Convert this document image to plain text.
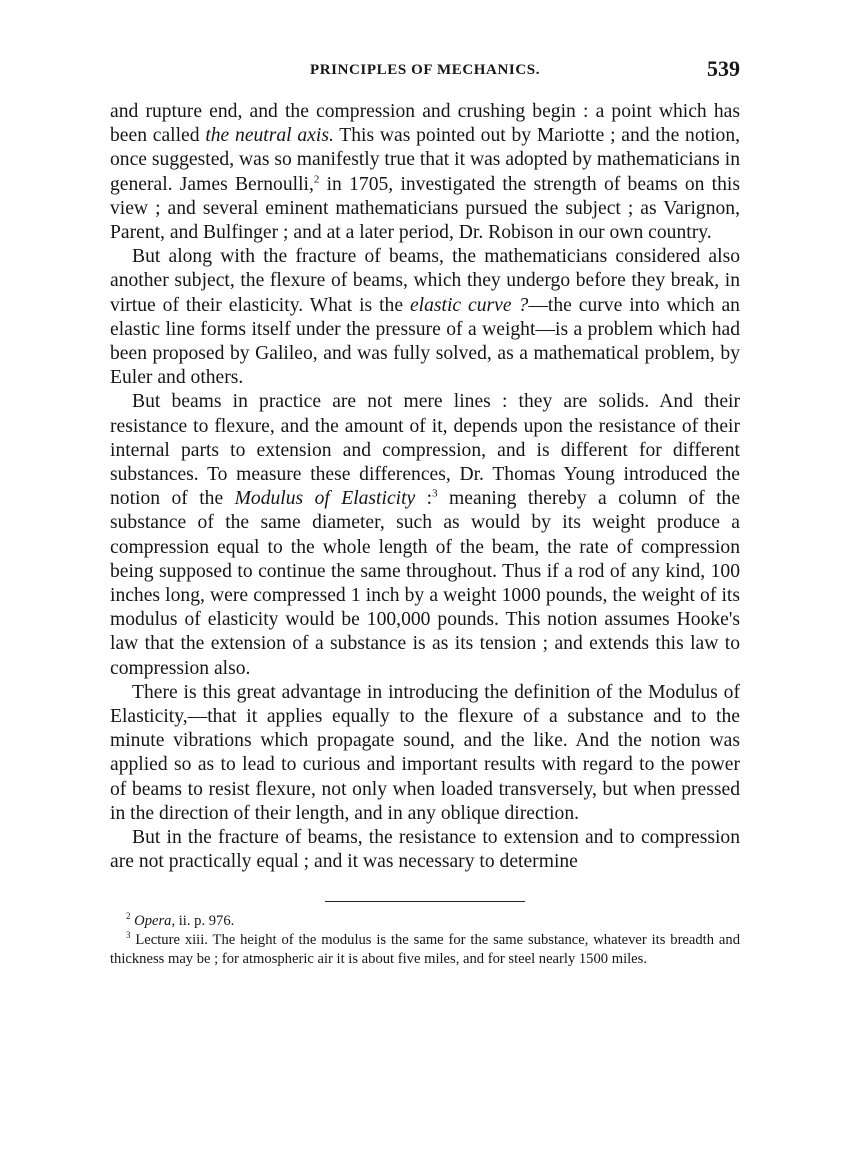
PRINCIPLES OF MECHANICS.	539

and rupture end, and the compression and crushing begin : a point which has been called the neutral axis. This was pointed out by Mariotte ; and the notion, once suggested, was so manifestly true that it was adopted by mathematicians in general. James Bernoulli,$^2$ in 1705, investigated the strength of beams on this view ; and several eminent mathematicians pursued the subject ; as Varignon, Parent, and Bulfinger ; and at a later period, Dr. Robison in our own country.

But along with the fracture of beams, the mathematicians considered also another subject, the flexure of beams, which they undergo before they break, in virtue of their elasticity. What is the elastic curve ?—the curve into which an elastic line forms itself under the pressure of a weight—is a problem which had been proposed by Galileo, and was fully solved, as a mathematical problem, by Euler and others.

But beams in practice are not mere lines : they are solids. And their resistance to flexure, and the amount of it, depends upon the resistance of their internal parts to extension and compression, and is different for different substances. To measure these differences, Dr. Thomas Young introduced the notion of the Modulus of Elasticity :$^3$ meaning thereby a column of the substance of the same diameter, such as would by its weight produce a compression equal to the whole length of the beam, the rate of compression being supposed to continue the same throughout. Thus if a rod of any kind, 100 inches long, were compressed 1 inch by a weight 1000 pounds, the weight of its modulus of elasticity would be 100,000 pounds. This notion assumes Hooke's law that the extension of a substance is as its tension ; and extends this law to compression also.

There is this great advantage in introducing the definition of the Modulus of Elasticity,—that it applies equally to the flexure of a substance and to the minute vibrations which propagate sound, and the like. And the notion was applied so as to lead to curious and important results with regard to the power of beams to resist flexure, not only when loaded transversely, but when pressed in the direction of their length, and in any oblique direction.

But in the fracture of beams, the resistance to extension and to compression are not practically equal ; and it was necessary to determine

$^2$ Opera, ii. p. 976.

$^3$ Lecture xiii. The height of the modulus is the same for the same substance, whatever its breadth and thickness may be ; for atmospheric air it is about five miles, and for steel nearly 1500 miles.
